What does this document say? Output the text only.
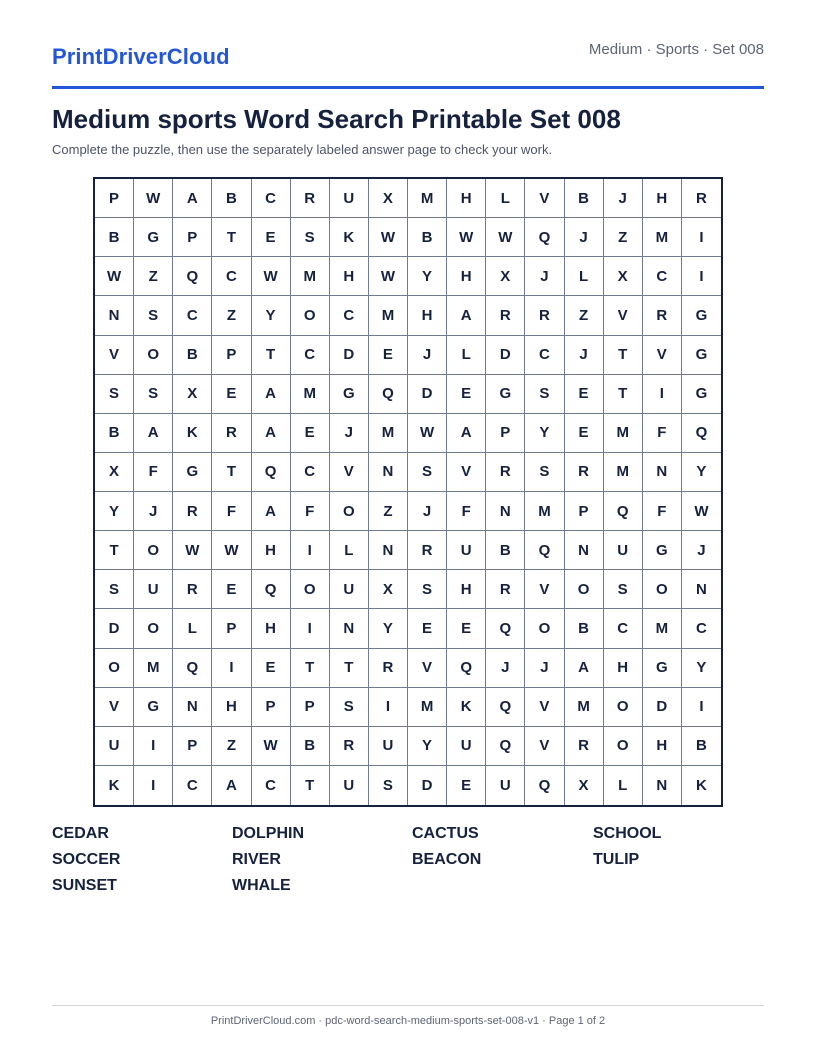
PrintDriverCloud	Medium · Sports · Set 008
Medium sports Word Search Printable Set 008

Complete the puzzle, then use the separately labeled answer page to check your work.

P	W	A	B	C	R	U	X	M	H	L	V	B	J	H	R
B	G	P	T	E	S	K	W	B	W	W	Q	J	Z	M	I
W	Z	Q	C	W	M	H	W	Y	H	X	J	L	X	C	I
N	S	C	Z	Y	O	C	M	H	A	R	R	Z	V	R	G
V	O	B	P	T	C	D	E	J	L	D	C	J	T	V	G
S	S	X	E	A	M	G	Q	D	E	G	S	E	T	I	G
B	A	K	R	A	E	J	M	W	A	P	Y	E	M	F	Q
X	F	G	T	Q	C	V	N	S	V	R	S	R	M	N	Y
Y	J	R	F	A	F	O	Z	J	F	N	M	P	Q	F	W
T	O	W	W	H	I	L	N	R	U	B	Q	N	U	G	J
S	U	R	E	Q	O	U	X	S	H	R	V	O	S	O	N
D	O	L	P	H	I	N	Y	E	E	Q	O	B	C	M	C
O	M	Q	I	E	T	T	R	V	Q	J	J	A	H	G	Y
V	G	N	H	P	P	S	I	M	K	Q	V	M	O	D	I
U	I	P	Z	W	B	R	U	Y	U	Q	V	R	O	H	B
K	I	C	A	C	T	U	S	D	E	U	Q	X	L	N	K
CEDAR	DOLPHIN	CACTUS	SCHOOL
SOCCER	RIVER	BEACON	TULIP
SUNSET	WHALE
PrintDriverCloud.com · pdc-word-search-medium-sports-set-008-v1 · Page 1 of 2
